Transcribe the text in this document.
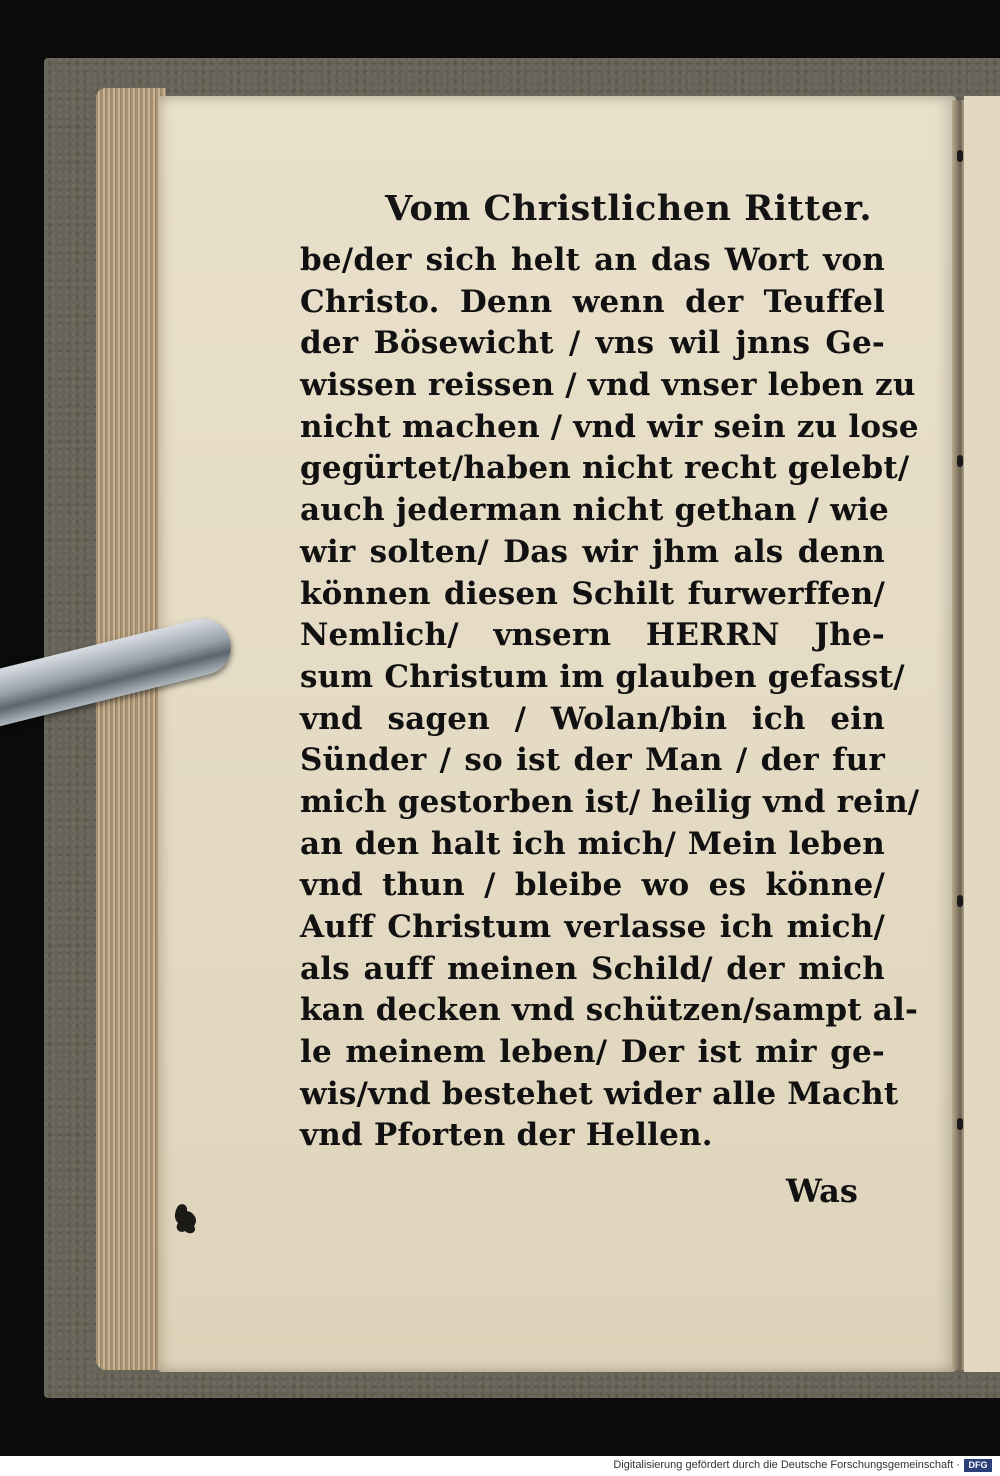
Vom Christlichen Ritter.
be/der sich helt an das Wort von
Christo. Denn wenn der Teuffel
der Bösewicht / vns wil jnns Ge-
wissen reissen / vnd vnser leben zu
nicht machen / vnd wir sein zu lose
gegürtet/haben nicht recht gelebt/
auch jederman nicht gethan / wie
wir solten/ Das wir jhm als denn
können diesen Schilt furwerffen/
Nemlich/ vnsern HERRN Jhe-
sum Christum im glauben gefasst/
vnd sagen / Wolan/bin ich ein
Sünder / so ist der Man / der fur
mich gestorben ist/ heilig vnd rein/
an den halt ich mich/ Mein leben
vnd thun / bleibe wo es könne/
Auff Christum verlasse ich mich/
als auff meinen Schild/ der mich
kan decken vnd schützen/sampt al-
le meinem leben/ Der ist mir ge-
wis/vnd bestehet wider alle Macht
vnd Pforten der Hellen.
Was
Digitalisierung gefördert durch die Deutsche Forschungsgemeinschaft · DFG
